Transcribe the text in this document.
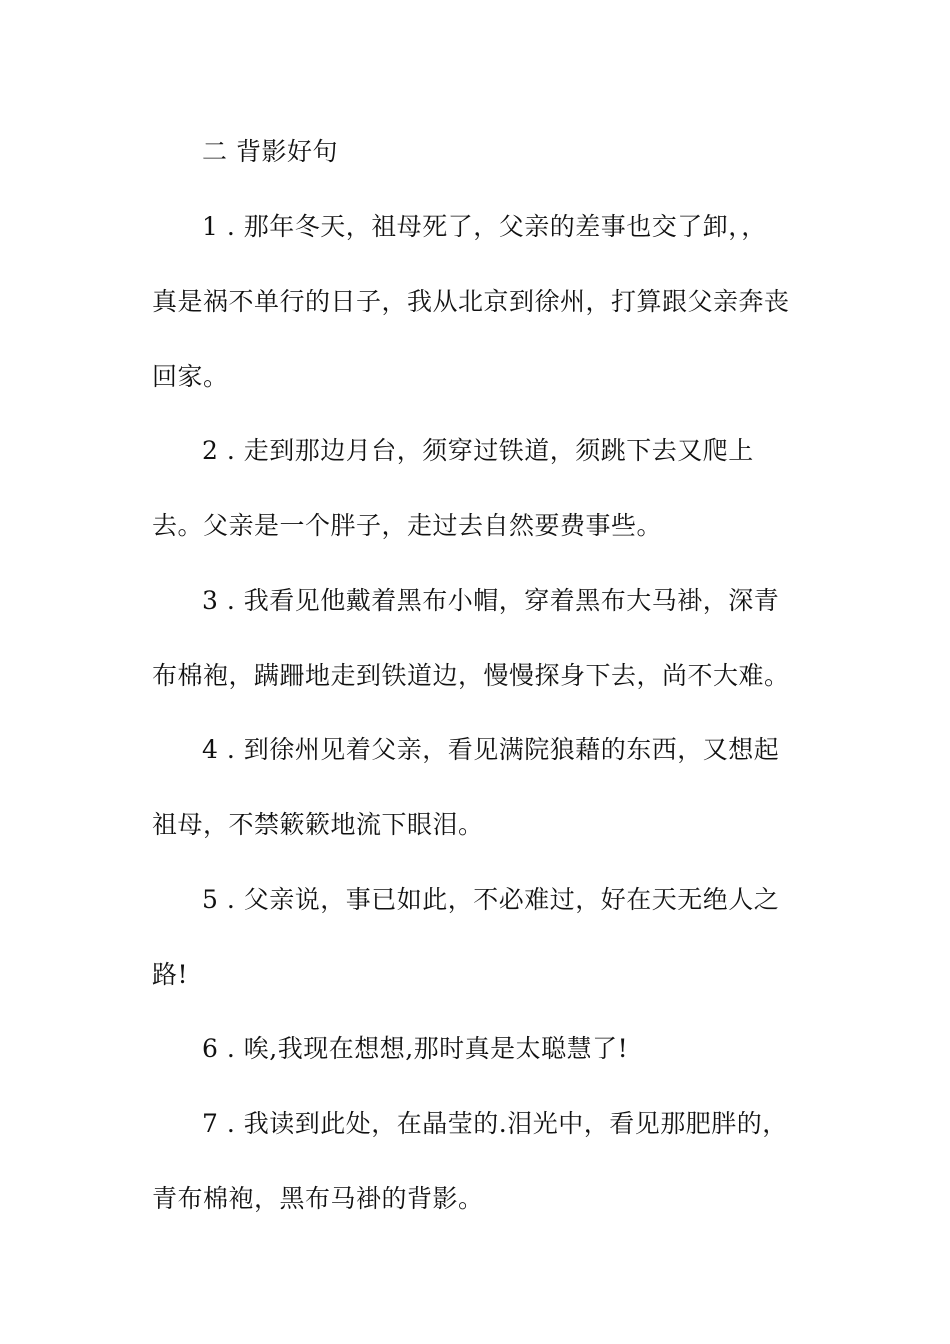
二 背影好句
1 . 那年冬天，祖母死了，父亲的差事也交了卸，，
真是祸不单行的日子，我从北京到徐州，打算跟父亲奔丧
回家。
2 . 走到那边月台，须穿过铁道，须跳下去又爬上
去。父亲是一个胖子，走过去自然要费事些。
3 . 我看见他戴着黑布小帽，穿着黑布大马褂，深青
布棉袍，蹒跚地走到铁道边，慢慢探身下去，尚不大难。
4 . 到徐州见着父亲，看见满院狼藉的东西，又想起
祖母，不禁簌簌地流下眼泪。
5 . 父亲说，事已如此，不必难过，好在天无绝人之
路!
6 . 唉,我现在想想,那时真是太聪慧了!
7 . 我读到此处，在晶莹的.泪光中，看见那肥胖的，
青布棉袍，黑布马褂的背影。
